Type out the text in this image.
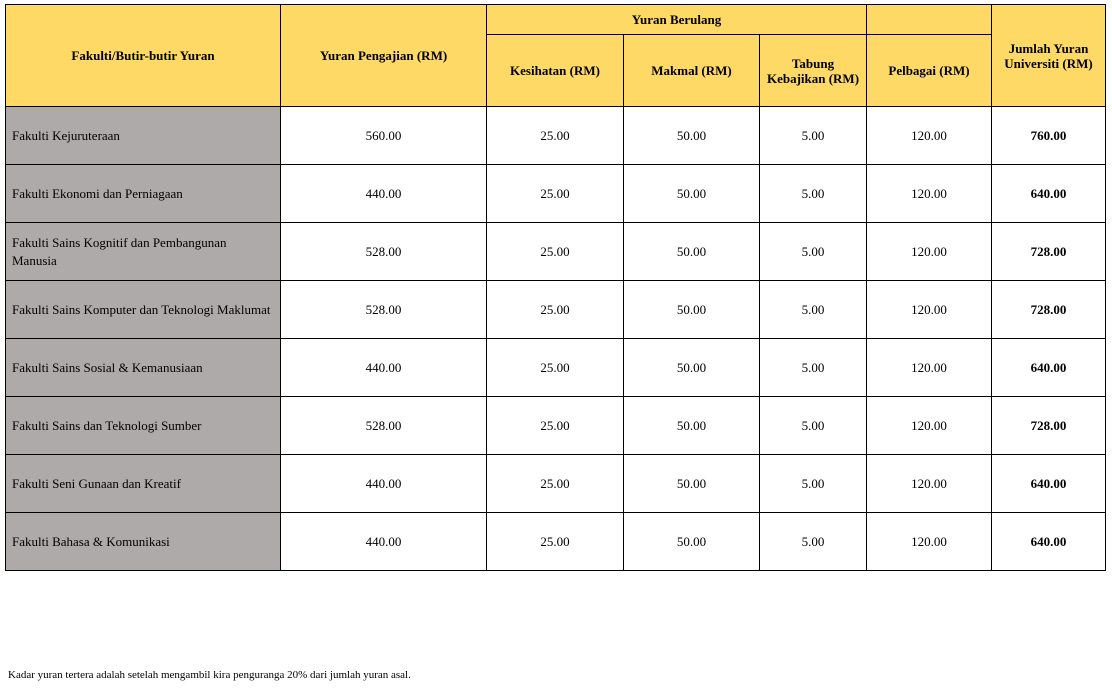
Fakulti/Butir-butir Yuran	Yuran Pengajian (RM)	Yuran Berulang				Jumlah Yuran Universiti (RM)
		Kesihatan (RM)	Makmal (RM)	Tabung Kebajikan (RM)	Pelbagai (RM)	
Fakulti Kejuruteraan	560.00	25.00	50.00	5.00	120.00	760.00
Fakulti Ekonomi dan Perniagaan	440.00	25.00	50.00	5.00	120.00	640.00
Fakulti Sains Kognitif dan Pembangunan Manusia	528.00	25.00	50.00	5.00	120.00	728.00
Fakulti Sains Komputer dan Teknologi Maklumat	528.00	25.00	50.00	5.00	120.00	728.00
Fakulti Sains Sosial & Kemanusiaan	440.00	25.00	50.00	5.00	120.00	640.00
Fakulti Sains dan Teknologi Sumber	528.00	25.00	50.00	5.00	120.00	728.00
Fakulti Seni Gunaan dan Kreatif	440.00	25.00	50.00	5.00	120.00	640.00
Fakulti Bahasa & Komunikasi	440.00	25.00	50.00	5.00	120.00	640.00
Kadar yuran tertera adalah setelah mengambil kira penguranga 20% dari jumlah yuran asal.
